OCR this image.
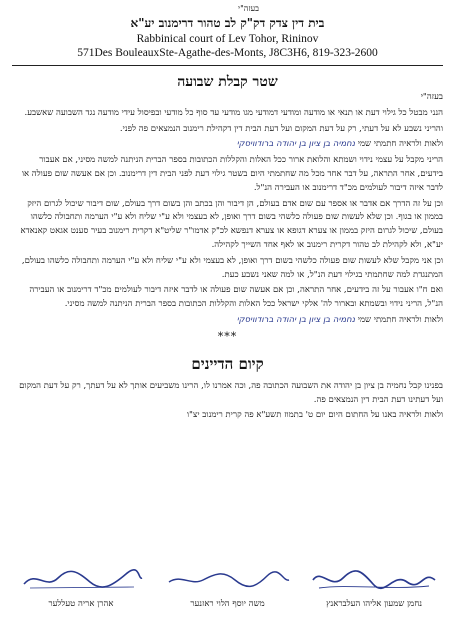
בעזה"י
בית דין צדק דק"ק לב טהור דרימנוב יע"א
Rabbinical court of Lev Tohor, Rininov
571Des BouleauxSte-Agathe-des-Monts, J8C3H6, 819-323-2600
שטר קבלת שבועה
בעזה"י
הנני מבטל כל גילוי דעת או תנאי או מודעה ומודעי דמודעי מגו מודעי עד סוף כל מודעי ובפיסול עידי מודעה נגד השבועה שאשבע.
והריני נשבע לא על דעתי, רק על דעת המקום ועל דעת הבית דין דקהילת רימנוב הנמצאים פה לפני.
ולאות ולראיה חתמתי שמי נחמיה בן ציון בן יהודה ברודוויסקי
הריני מקבל על עצמי נידוי ושמתא והלואת ארור ככל האלות והקללות הכתובות בספר הברית הניתנה למשה מסיני, אם אעבור בידעים, אחר התראה, על דבר אחד מכל מה שחתמתי היום בשטר גילוי דעת לפני הבית דין דרימנוב. וכן אם אעשה שום פעולה או לדבר איזה דיבור לעולמים מכ"ד דרימנוב או העבירה הנ"ל.
וכן על זה הדרך אם אדבר או אספר עם שום אדם בעולם, הן דיבור והן בכתב והן בשום דרך בעולם, שום דיבור שיכול לגרום היזק בממון או בגוף. וכן שלא לעשות שום פעולה כלשהי בשום דרך ואופן, לא בעצמי ולא ע"י שליח ולא ע"י הערמה ותחבולה כלשהו בעולם, שיכול לגרום היזק בממון או צערא דגופא או צערא דנפשא לכ"ק אדמו"ר שליט"א דקרית רימנוב בעיר סענט אגאט קאנאדא יע"א, ולא לקהילת לב טהור דקרית רימנוב או לאף אחד השייך לקהילה.
וכן אני מקבל שלא לעשות שום פעולה כלשהי בשום דרך ואופן, לא בעצמי ולא ע"י שליח ולא ע"י הערמה ותחבולה כלשהו בעולם, המתנגדת למה שחתמתי בגילוי דעת הנ"ל, או למה שאני נשבע כעת.
ואם ח"ו אעבור על זה בידעים, אחר התראה, וכן אם אעשה שום פעולה או לדבר איזה דיבור לעולמים מכ"ד דרימנוב או העבירה הנ"ל, הריני נידוי ובשמתא ובארור לה' אלקי ישראל ככל האלות והקללות הכתובות בספר הברית הניתנה למשה מסיני.
ולאות ולראיה חתמתי שמי נחמיה בן ציון בן יהודה ברודוויסקי
***
קיום הדיינים
בפנינו קבל נחמיה בן ציון בן יהודה את השבועה הכתובה פה, וכה אמרנו לו, הרינו משביעים אותך לא על דעתך, רק על דעת המקום ועל דעתינו דעת הבית דין הנמצאים פה.
ולאות ולראיה באנו על החתום היום יום ט' בתמוז תשע"א פה קרית רימנוב יצ"ו
אהרן אריה טעללער	משה יוסף הלוי ראזנער	נחמן שמעון אליהו העלבראנץ
